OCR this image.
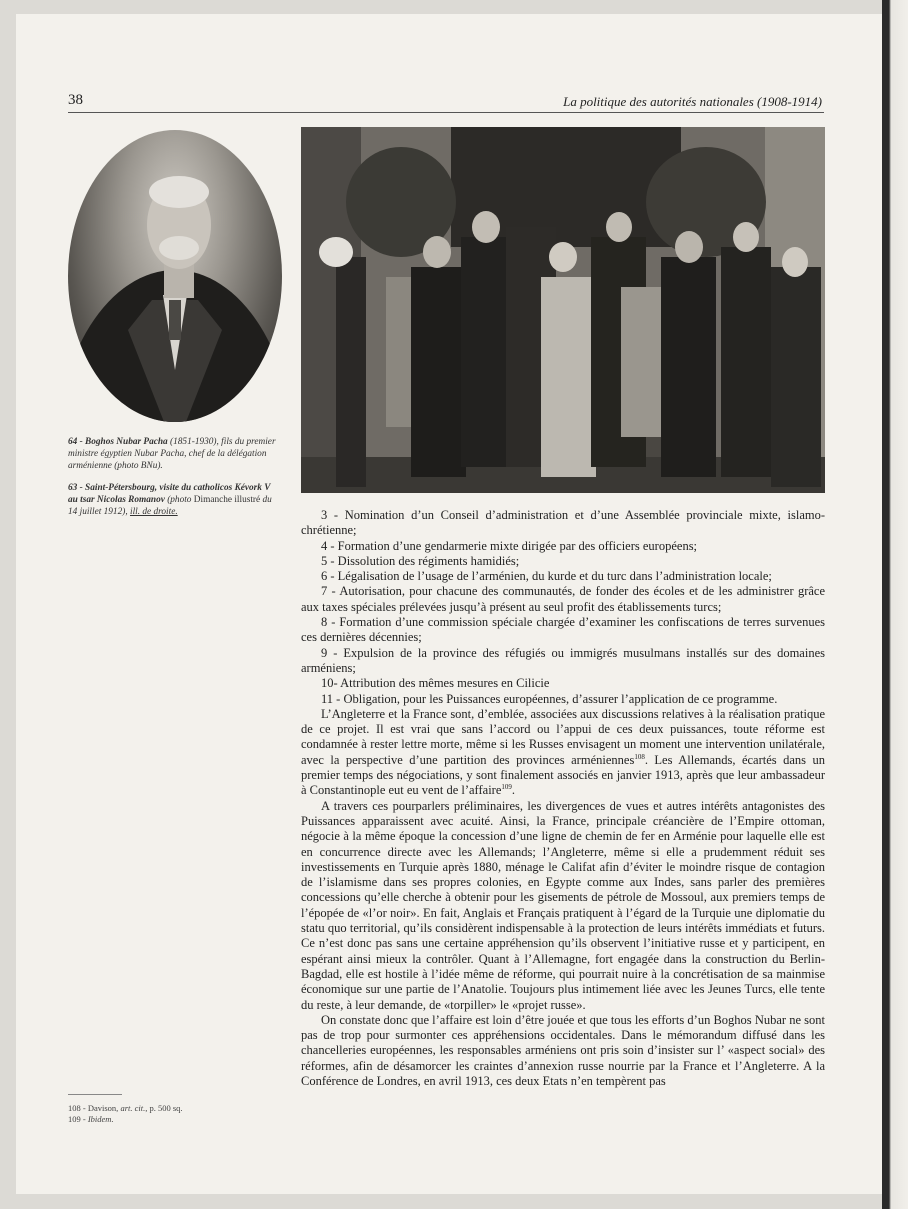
38	La politique des autorités nationales (1908-1914)

64 - Boghos Nubar Pacha (1851-1930), fils du premier ministre égyptien Nubar Pacha, chef de la délégation arménienne (photo BNu).

63 - Saint-Pétersbourg, visite du catholicos Kévork V au tsar Nicolas Romanov (photo Dimanche illustré du 14 juillet 1912), ill. de droite.	3 - Nomination d’un Conseil d’administration et d’une Assemblée provinciale mixte, islamo-chrétienne;

4 - Formation d’une gendarmerie mixte dirigée par des officiers européens;

5 - Dissolution des régiments hamidiés;

6 - Légalisation de l’usage de l’arménien, du kurde et du turc dans l’administration locale;

7 - Autorisation, pour chacune des communautés, de fonder des écoles et de les administrer grâce aux taxes spéciales prélevées jusqu’à présent au seul profit des établissements turcs;

8 - Formation d’une commission spéciale chargée d’examiner les confiscations de terres survenues ces dernières décennies;

9 - Expulsion de la province des réfugiés ou immigrés musulmans installés sur des domaines arméniens;

10- Attribution des mêmes mesures en Cilicie

11 - Obligation, pour les Puissances européennes, d’assurer l’application de ce programme.

L’Angleterre et la France sont, d’emblée, associées aux discussions relatives à la réalisation pratique de ce projet. Il est vrai que sans l’accord ou l’appui de ces deux puissances, toute réforme est condamnée à rester lettre morte, même si les Russes envisagent un moment une intervention unilatérale, avec la perspective d’une partition des provinces arméniennes$^{108}$. Les Allemands, écartés dans un premier temps des négociations, y sont finalement associés en janvier 1913, après que leur ambassadeur à Constantinople eut eu vent de l’affaire$^{109}$.

A travers ces pourparlers préliminaires, les divergences de vues et autres intérêts antagonistes des Puissances apparaissent avec acuité. Ainsi, la France, principale créancière de l’Empire ottoman, négocie à la même époque la concession d’une ligne de chemin de fer en Arménie pour laquelle elle est en concurrence directe avec les Allemands; l’Angleterre, même si elle a prudemment réduit ses investissements en Turquie après 1880, ménage le Califat afin d’éviter le moindre risque de contagion de l’islamisme dans ses propres colonies, en Egypte comme aux Indes, sans parler des premières concessions qu’elle cherche à obtenir pour les gisements de pétrole de Mossoul, aux premiers temps de l’épopée de «l’or noir». En fait, Anglais et Français pratiquent à l’égard de la Turquie une diplomatie du statu quo territorial, qu’ils considèrent indispensable à la protection de leurs intérêts immédiats et futurs. Ce n’est donc pas sans une certaine appréhension qu’ils observent l’initiative russe et y participent, en espérant ainsi mieux la contrôler. Quant à l’Allemagne, fort engagée dans la construction du Berlin-Bagdad, elle est hostile à l’idée même de réforme, qui pourrait nuire à la concrétisation de sa mainmise économique sur une partie de l’Anatolie. Toujours plus intimement liée avec les Jeunes Turcs, elle tente du reste, à leur demande, de «torpiller» le «projet russe».

On constate donc que l’affaire est loin d’être jouée et que tous les efforts d’un Boghos Nubar ne sont pas de trop pour surmonter ces appréhensions occidentales. Dans le mémorandum diffusé dans les chancelleries européennes, les responsables arméniens ont pris soin d’insister sur l’ «aspect social» des réformes, afin de désamorcer les craintes d’annexion russe nourrie par la France et l’Angleterre. A la Conférence de Londres, en avril 1913, ces deux Etats n’en tempèrent pas

108 - Davison, art. cit., p. 500 sq.
109 - Ibidem.
